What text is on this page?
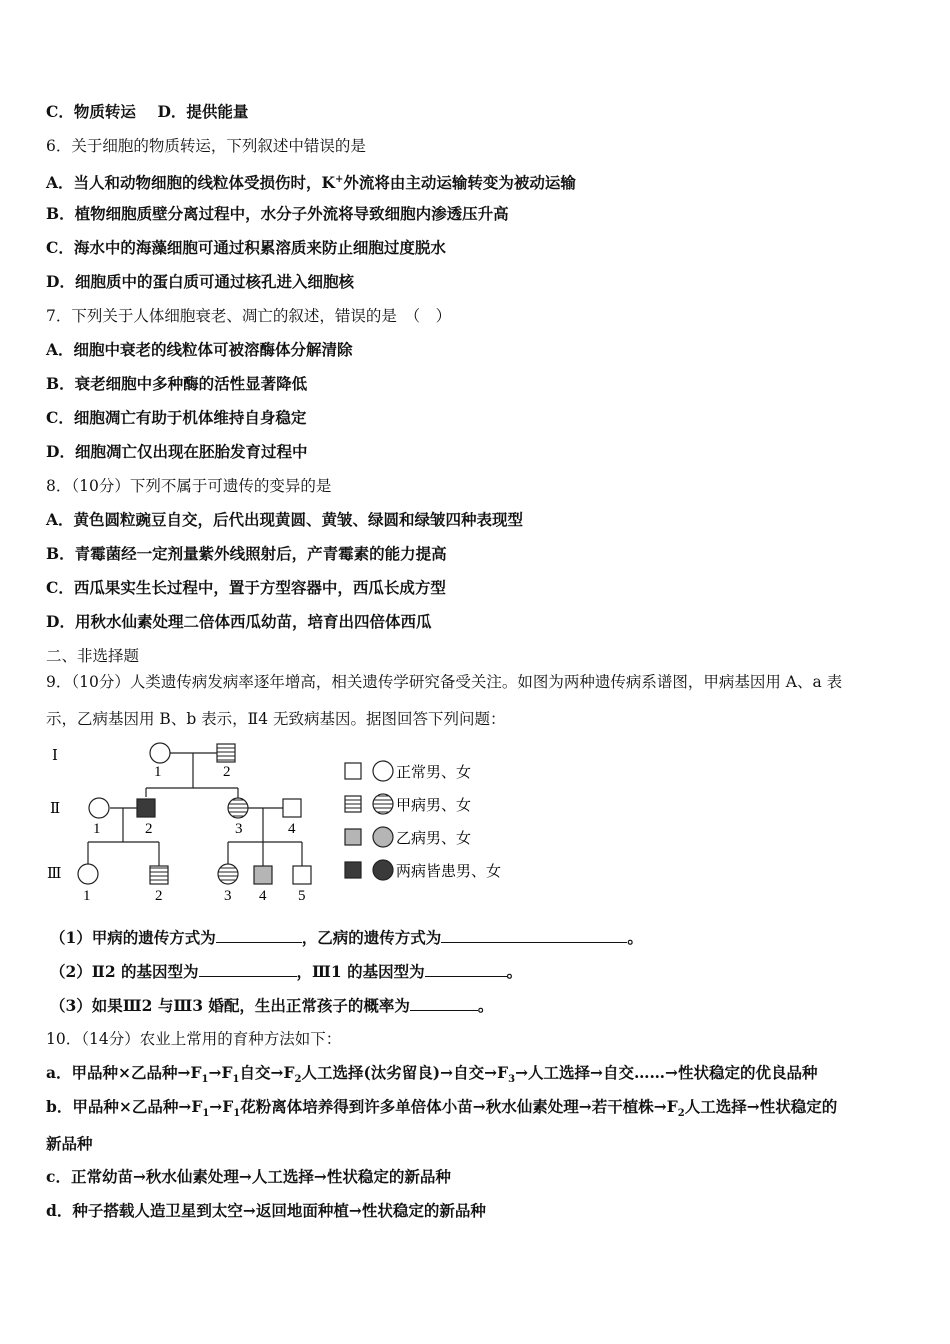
C．物质转运 D．提供能量
6．关于细胞的物质转运，下列叙述中错误的是
A．当人和动物细胞的线粒体受损伤时，K+外流将由主动运输转变为被动运输
B．植物细胞质壁分离过程中，水分子外流将导致细胞内渗透压升高
C．海水中的海藻细胞可通过积累溶质来防止细胞过度脱水
D．细胞质中的蛋白质可通过核孔进入细胞核
7．下列关于人体细胞衰老、凋亡的叙述，错误的是　（　）
A．细胞中衰老的线粒体可被溶酶体分解清除
B．衰老细胞中多种酶的活性显著降低
C．细胞凋亡有助于机体维持自身稳定
D．细胞凋亡仅出现在胚胎发育过程中
8．（10分）下列不属于可遗传的变异的是
A．黄色圆粒豌豆自交，后代出现黄圆、黄皱、绿圆和绿皱四种表现型
B．青霉菌经一定剂量紫外线照射后，产青霉素的能力提高
C．西瓜果实生长过程中，置于方型容器中，西瓜长成方型
D．用秋水仙素处理二倍体西瓜幼苗，培育出四倍体西瓜
二、非选择题
9．（10分）人类遗传病发病率逐年增高，相关遗传学研究备受关注。如图为两种遗传病系谱图，甲病基因用 A、a 表
示，乙病基因用 B、b 表示，Ⅱ4 无致病基因。据图回答下列问题：
Ⅰ
Ⅱ
Ⅲ
1	2
1	2	3	4
1	2	3 4 5
正常男、女
甲病男、女
乙病男、女
两病皆患男、女
（1）甲病的遗传方式为	，乙病的遗传方式为	。
（2）Ⅱ2 的基因型为	，Ⅲ1 的基因型为	。
（3）如果Ⅲ2 与Ⅲ3 婚配，生出正常孩子的概率为	。
10．（14分）农业上常用的育种方法如下：
a．甲品种×乙品种$\to F_1\to F_1$自交$\to F_2$人工选择(汰劣留良)→自交$\to F_3\to$人工选择→自交……→性状稳定的优良品种
b．甲品种×乙品种$\to F_1\to F_1$花粉离体培养得到许多单倍体小苗→秋水仙素处理→若干植株$\to F_2$人工选择→性状稳定的
新品种
c．正常幼苗→秋水仙素处理→人工选择→性状稳定的新品种
d．种子搭载人造卫星到太空→返回地面种植→性状稳定的新品种
